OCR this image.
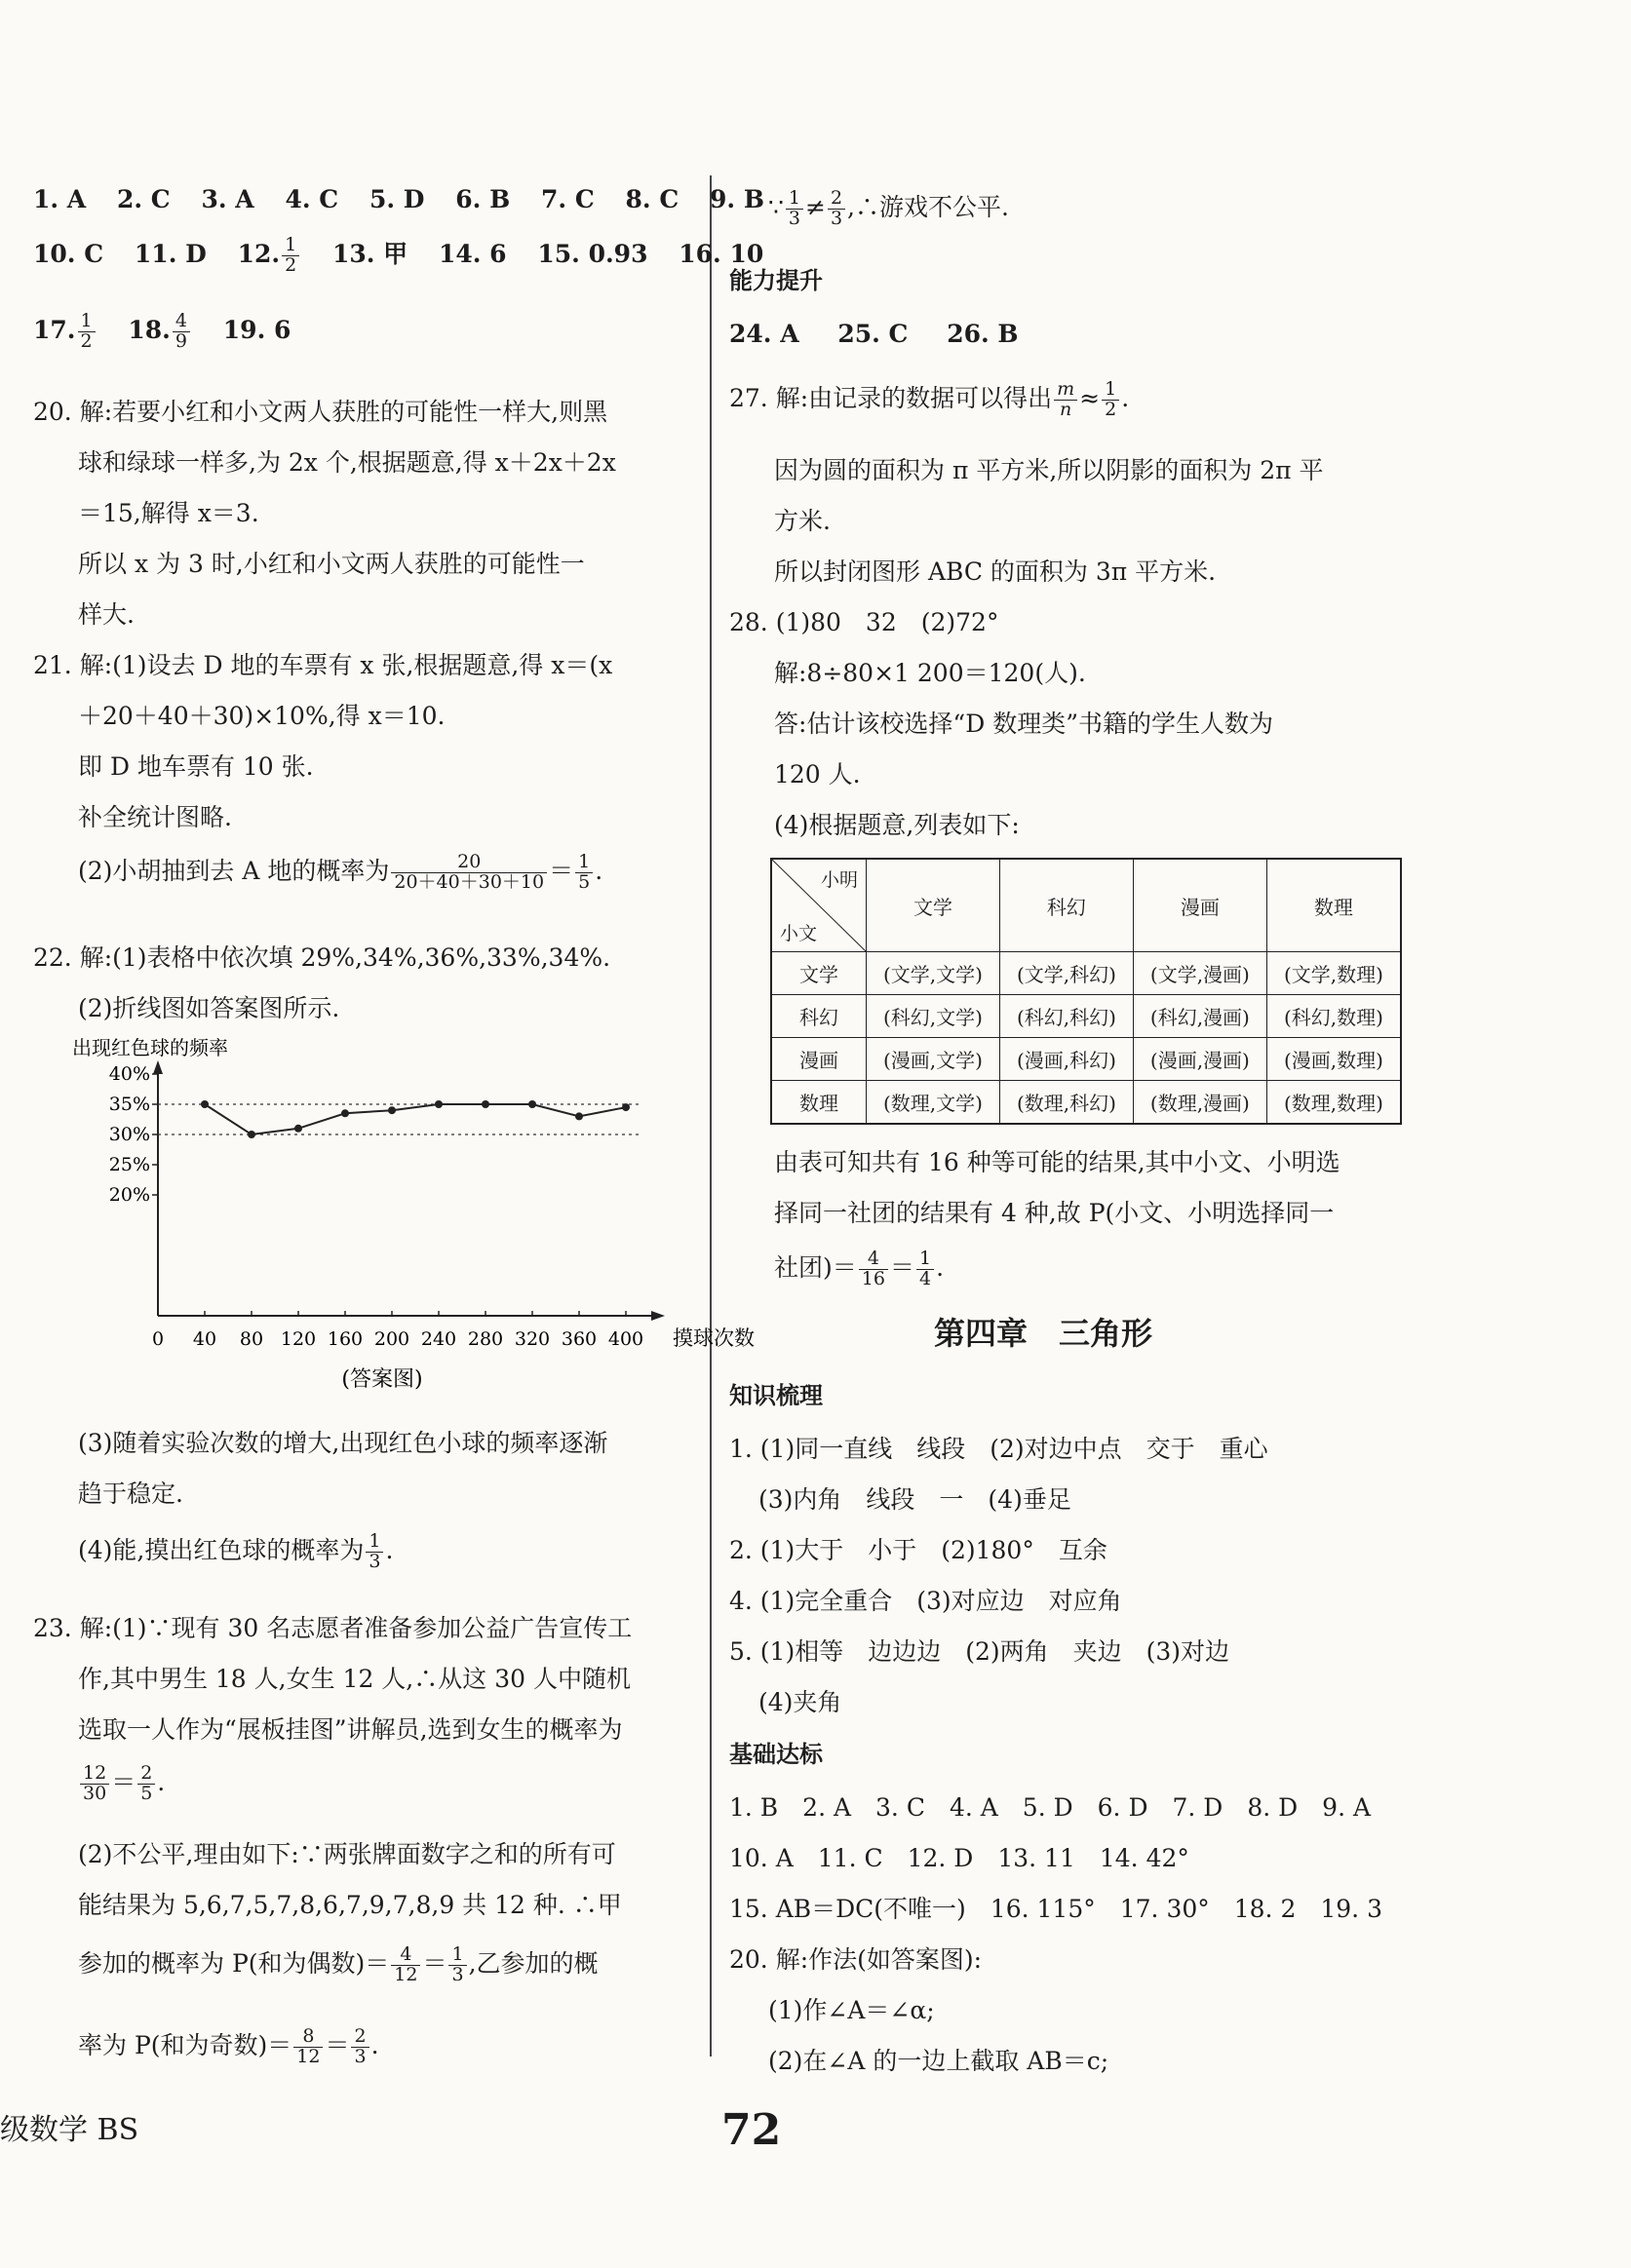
1. A 2. C 3. A 4. C 5. D 6. B 7. C 8. C 9. B
10. C 11. D 12. $\frac{1}{2} 13$. 甲 14. 6 15. 0.93 16. 10
17. $\frac{1}{2} 18$. $\frac{4}{9} 19$. 6
20. 解:若要小红和小文两人获胜的可能性一样大,则黑
球和绿球一样多,为 2x 个,根据题意,得 x＋2x＋2x
＝15,解得 x＝3.
所以 x 为 3 时,小红和小文两人获胜的可能性一
样大.
21. 解:(1)设去 D 地的车票有 x 张,根据题意,得 x＝(x
＋20＋40＋30)×10%,得 x＝10.
即 D 地车票有 10 张.
补全统计图略.
(2)小胡抽到去 A 地的概率为 $\frac{20}{20+40+30+10} = \frac{1}{5}$ .
22. 解:(1)表格中依次填 29%,34%,36%,33%,34%.
(2)折线图如答案图所示.
出现红色球的频率
0 40 80 120 160 200 240 280 320 360 400
20%
25%
30%
35%
40%
摸球次数
(答案图)
(3)随着实验次数的增大,出现红色小球的频率逐渐
趋于稳定.
(4)能,摸出红色球的概率为 $\frac{1}{3}$ .
23. 解:(1)∵现有 30 名志愿者准备参加公益广告宣传工
作,其中男生 18 人,女生 12 人,∴从这 30 人中随机
选取一人作为“展板挂图”讲解员,选到女生的概率为
$\frac{12}{30} = \frac{2}{5}$ .
(2)不公平,理由如下:∵两张牌面数字之和的所有可
能结果为 5,6,7,5,7,8,6,7,9,7,8,9 共 12 种. ∴甲
参加的概率为 P(和为偶数)＝ $\frac{4}{12} = \frac{1}{3}$ ,乙参加的概
率为 P(和为奇数)＝ $\frac{8}{12} = \frac{2}{3}$ .
∵ $\frac{1}{3} \ne \frac{2}{3}$ ,∴游戏不公平.
能力提升
24. A 25. C 26. B
27. 解:由记录的数据可以得出 $\frac{m}{n} \approx \frac{1}{2}$ .
因为圆的面积为 π 平方米,所以阴影的面积为 2π 平
方米.
所以封闭图形 ABC 的面积为 3π 平方米.
28. (1)80　32　(2)72°
解:8÷80×1 200＝120(人).
答:估计该校选择“D 数理类”书籍的学生人数为
120 人.
(4)根据题意,列表如下:
小明
小文	文学	科幻	漫画	数理
文学	(文学,文学)	(文学,科幻)	(文学,漫画)	(文学,数理)
科幻	(科幻,文学)	(科幻,科幻)	(科幻,漫画)	(科幻,数理)
漫画	(漫画,文学)	(漫画,科幻)	(漫画,漫画)	(漫画,数理)
数理	(数理,文学)	(数理,科幻)	(数理,漫画)	(数理,数理)
由表可知共有 16 种等可能的结果,其中小文、小明选
择同一社团的结果有 4 种,故 P(小文、小明选择同一
社团)＝ $\frac{4}{16} = \frac{1}{4}$ .
第四章　三角形
知识梳理
1. (1)同一直线　线段　(2)对边中点　交于　重心
(3)内角　线段　一　(4)垂足
2. (1)大于　小于　(2)180°　互余
4. (1)完全重合　(3)对应边　对应角
5. (1)相等　边边边　(2)两角　夹边　(3)对边
(4)夹角
基础达标
1. B　2. A　3. C　4. A　5. D　6. D　7. D　8. D　9. A
10. A　11. C　12. D　13. 11　14. 42°
15. AB＝DC(不唯一)　16. 115°　17. 30°　18. 2　19. 3
20. 解:作法(如答案图):
(1)作∠A＝∠α;
(2)在∠A 的一边上截取 AB＝c;
级数学 BS	72
